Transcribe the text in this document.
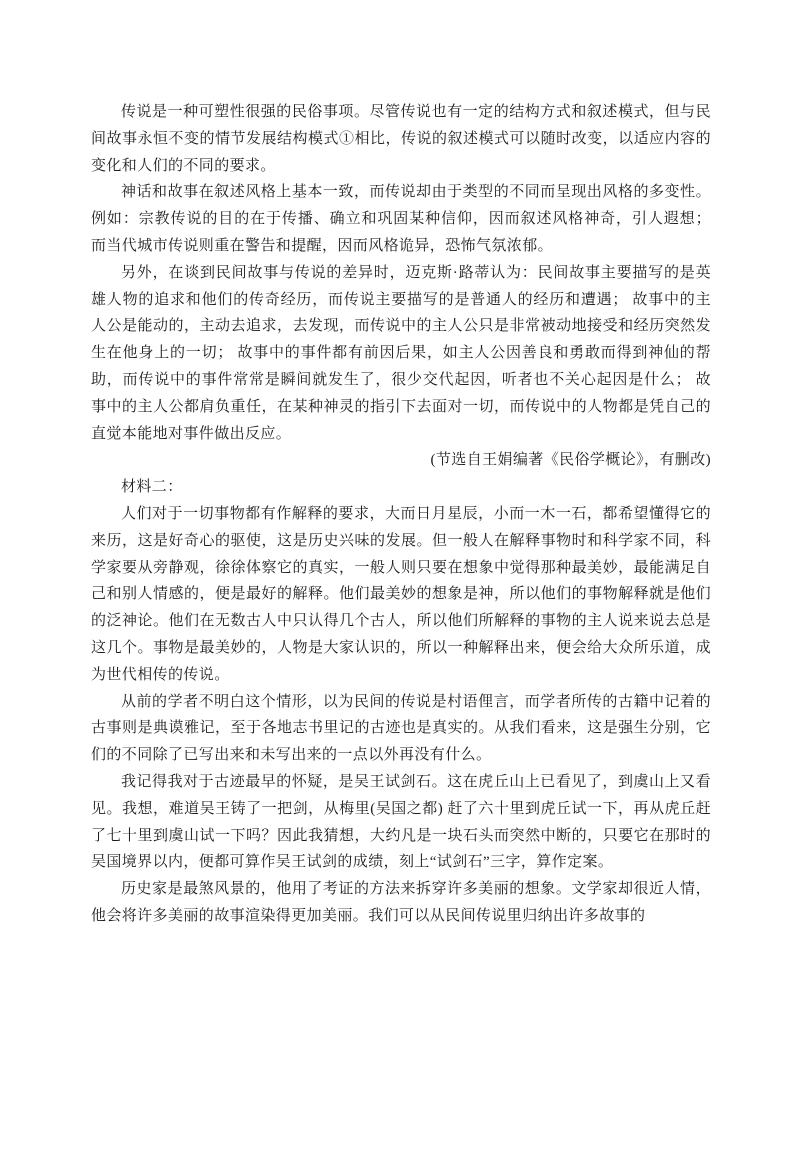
传说是一种可塑性很强的民俗事项。尽管传说也有一定的结构方式和叙述模式，但与民间故事永恒不变的情节发展结构模式①相比，传说的叙述模式可以随时改变，以适应内容的变化和人们的不同的要求。

神话和故事在叙述风格上基本一致，而传说却由于类型的不同而呈现出风格的多变性。例如：宗教传说的目的在于传播、确立和巩固某种信仰，因而叙述风格神奇，引人遐想； 而当代城市传说则重在警告和提醒，因而风格诡异，恐怖气氛浓郁。

另外，在谈到民间故事与传说的差异时，迈克斯·路蒂认为：民间故事主要描写的是英雄人物的追求和他们的传奇经历，而传说主要描写的是普通人的经历和遭遇； 故事中的主人公是能动的，主动去追求，去发现，而传说中的主人公只是非常被动地接受和经历突然发生在他身上的一切； 故事中的事件都有前因后果，如主人公因善良和勇敢而得到神仙的帮助，而传说中的事件常常是瞬间就发生了，很少交代起因，听者也不关心起因是什么； 故事中的主人公都肩负重任，在某种神灵的指引下去面对一切，而传说中的人物都是凭自己的直觉本能地对事件做出反应。

(节选自王娟编著《民俗学概论》，有删改)

材料二：

人们对于一切事物都有作解释的要求，大而日月星辰，小而一木一石，都希望懂得它的来历，这是好奇心的驱使，这是历史兴味的发展。但一般人在解释事物时和科学家不同，科学家要从旁静观，徐徐体察它的真实，一般人则只要在想象中觉得那种最美妙，最能满足自己和别人情感的，便是最好的解释。他们最美妙的想象是神，所以他们的事物解释就是他们的泛神论。他们在无数古人中只认得几个古人，所以他们所解释的事物的主人说来说去总是这几个。事物是最美妙的，人物是大家认识的，所以一种解释出来，便会给大众所乐道，成为世代相传的传说。

从前的学者不明白这个情形，以为民间的传说是村语俚言，而学者所传的古籍中记着的古事则是典谟雅记，至于各地志书里记的古迹也是真实的。从我们看来，这是强生分别，它们的不同除了已写出来和未写出来的一点以外再没有什么。

我记得我对于古迹最早的怀疑，是吴王试剑石。这在虎丘山上已看见了，到虞山上又看见。我想，难道吴王铸了一把剑，从梅里(吴国之都) 赶了六十里到虎丘试一下，再从虎丘赶了七十里到虞山试一下吗？因此我猜想，大约凡是一块石头而突然中断的，只要它在那时的吴国境界以内，便都可算作吴王试剑的成绩，刻上“试剑石”三字，算作定案。

历史家是最煞风景的，他用了考证的方法来拆穿许多美丽的想象。文学家却很近人情，他会将许多美丽的故事渲染得更加美丽。我们可以从民间传说里归纳出许多故事的
